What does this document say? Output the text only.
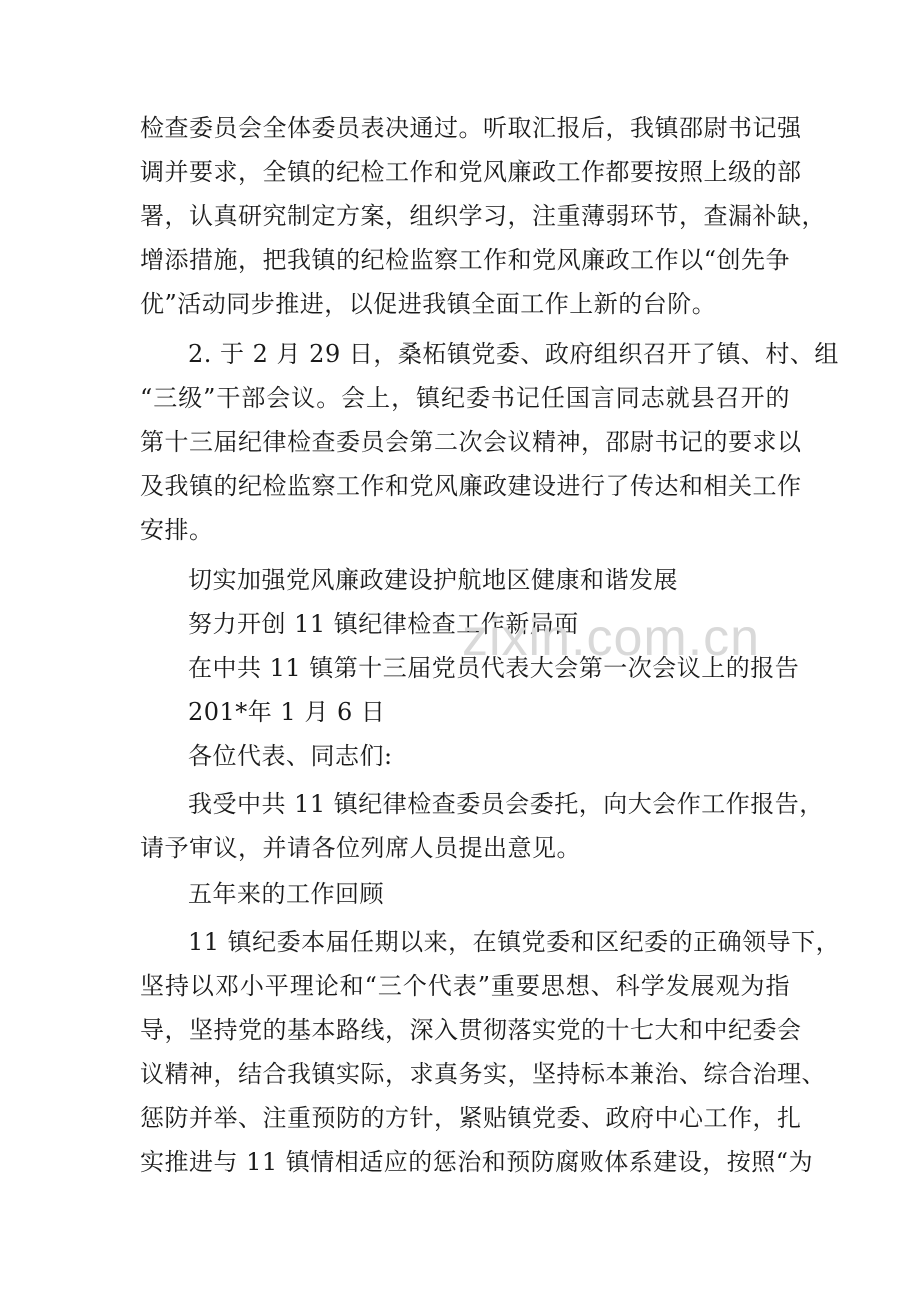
检查委员会全体委员表决通过。听取汇报后，我镇邵尉书记强
调并要求，全镇的纪检工作和党风廉政工作都要按照上级的部
署，认真研究制定方案，组织学习，注重薄弱环节，查漏补缺，
增添措施，把我镇的纪检监察工作和党风廉政工作以“创先争
优”活动同步推进，以促进我镇全面工作上新的台阶。
2. 于 2 月 29 日，桑柘镇党委、政府组织召开了镇、村、组
“三级”干部会议。会上，镇纪委书记任国言同志就县召开的
第十三届纪律检查委员会第二次会议精神，邵尉书记的要求以
及我镇的纪检监察工作和党风廉政建设进行了传达和相关工作
安排。
切实加强党风廉政建设护航地区健康和谐发展
努力开创 11 镇纪律检查工作新局面
在中共 11 镇第十三届党员代表大会第一次会议上的报告
201*年 1 月 6 日
各位代表、同志们:
我受中共 11 镇纪律检查委员会委托，向大会作工作报告，
请予审议，并请各位列席人员提出意见。
五年来的工作回顾
11 镇纪委本届任期以来，在镇党委和区纪委的正确领导下，
坚持以邓小平理论和“三个代表”重要思想、科学发展观为指
导，坚持党的基本路线，深入贯彻落实党的十七大和中纪委会
议精神，结合我镇实际，求真务实，坚持标本兼治、综合治理、
惩防并举、注重预防的方针，紧贴镇党委、政府中心工作，扎
实推进与 11 镇情相适应的惩治和预防腐败体系建设，按照“为
zixin.com.cn
